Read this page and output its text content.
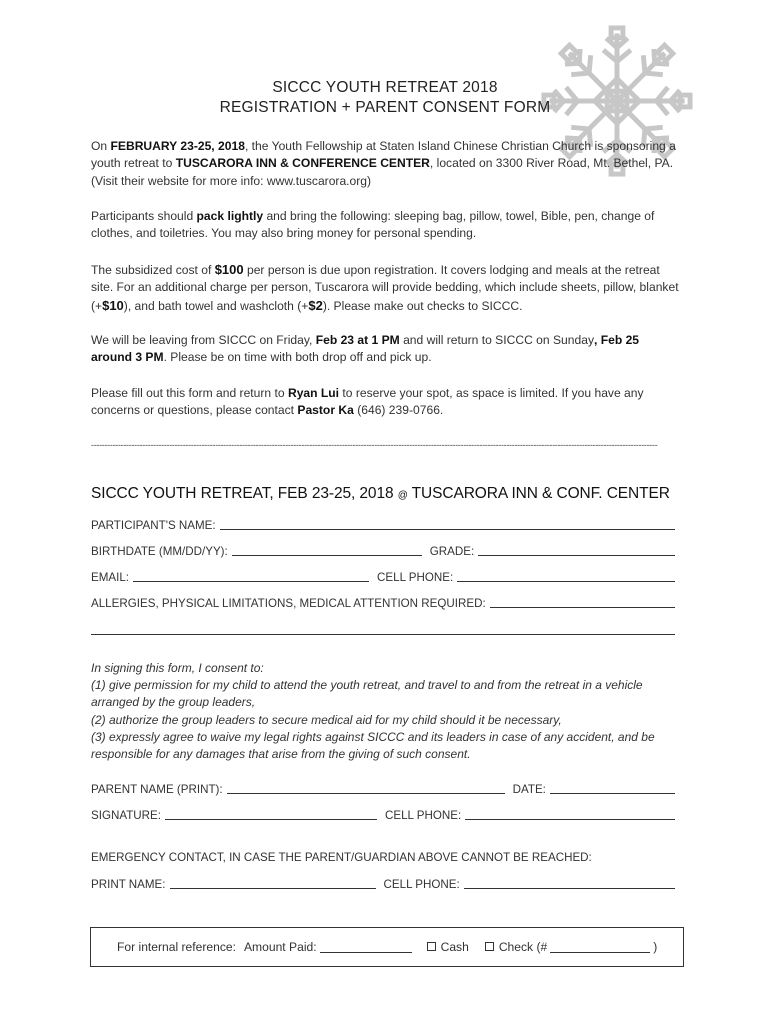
SICCC YOUTH RETREAT 2018
REGISTRATION + PARENT CONSENT FORM
On FEBRUARY 23-25, 2018, the Youth Fellowship at Staten Island Chinese Christian Church is sponsoring a youth retreat to TUSCARORA INN & CONFERENCE CENTER, located on 3300 River Road, Mt. Bethel, PA. (Visit their website for more info: www.tuscarora.org)
Participants should pack lightly and bring the following: sleeping bag, pillow, towel, Bible, pen, change of clothes, and toiletries. You may also bring money for personal spending.
The subsidized cost of $100 per person is due upon registration. It covers lodging and meals at the retreat site. For an additional charge per person, Tuscarora will provide bedding, which include sheets, pillow, blanket (+$10), and bath towel and washcloth (+$2). Please make out checks to SICCC.
We will be leaving from SICCC on Friday, Feb 23 at 1 PM and will return to SICCC on Sunday, Feb 25 around 3 PM. Please be on time with both drop off and pick up.
Please fill out this form and return to Ryan Lui to reserve your spot, as space is limited. If you have any concerns or questions, please contact Pastor Ka (646) 239-0766.
------------------------------------------------------------------------------------------------------------------------------------------------------------------------------------------------------------------
SICCC YOUTH RETREAT, FEB 23-25, 2018 @ TUSCARORA INN & CONF. CENTER
PARTICIPANT'S NAME:
BIRTHDATE (MM/DD/YY):	GRADE:
EMAIL:	CELL PHONE:
ALLERGIES, PHYSICAL LIMITATIONS, MEDICAL ATTENTION REQUIRED:
In signing this form, I consent to:
(1) give permission for my child to attend the youth retreat, and travel to and from the retreat in a vehicle arranged by the group leaders,
(2) authorize the group leaders to secure medical aid for my child should it be necessary,
(3) expressly agree to waive my legal rights against SICCC and its leaders in case of any accident, and be responsible for any damages that arise from the giving of such consent.
PARENT NAME (PRINT):	DATE:
SIGNATURE:	CELL PHONE:
EMERGENCY CONTACT, IN CASE THE PARENT/GUARDIAN ABOVE CANNOT BE REACHED:
PRINT NAME:	CELL PHONE:
For internal reference: Amount Paid:	Cash Check (#	)
